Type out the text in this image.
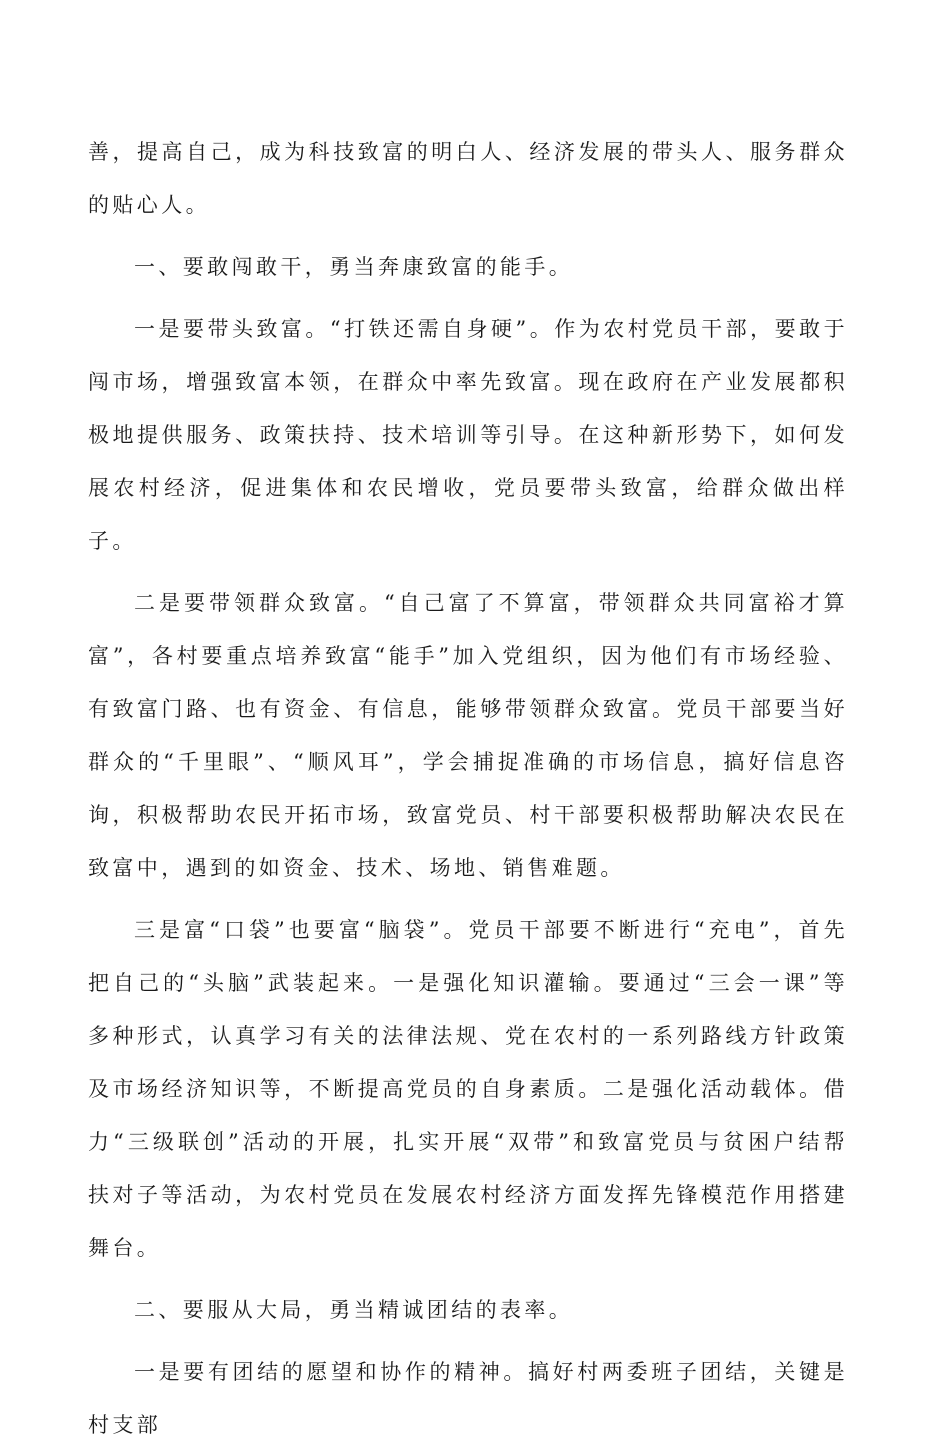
善，提高自己，成为科技致富的明白人、经济发展的带头人、服务群众的贴心人。

一、要敢闯敢干，勇当奔康致富的能手。

一是要带头致富。“打铁还需自身硬”。作为农村党员干部，要敢于闯市场，增强致富本领，在群众中率先致富。现在政府在产业发展都积极地提供服务、政策扶持、技术培训等引导。在这种新形势下，如何发展农村经济，促进集体和农民增收，党员要带头致富，给群众做出样子。

二是要带领群众致富。“自己富了不算富，带领群众共同富裕才算富”，各村要重点培养致富“能手”加入党组织，因为他们有市场经验、有致富门路、也有资金、有信息，能够带领群众致富。党员干部要当好群众的“千里眼”、“顺风耳”，学会捕捉准确的市场信息，搞好信息咨询，积极帮助农民开拓市场，致富党员、村干部要积极帮助解决农民在致富中，遇到的如资金、技术、场地、销售难题。

三是富“口袋”也要富“脑袋”。党员干部要不断进行“充电”，首先把自己的“头脑”武装起来。一是强化知识灌输。要通过“三会一课”等多种形式，认真学习有关的法律法规、党在农村的一系列路线方针政策及市场经济知识等，不断提高党员的自身素质。二是强化活动载体。借力“三级联创”活动的开展，扎实开展“双带”和致富党员与贫困户结帮扶对子等活动，为农村党员在发展农村经济方面发挥先锋模范作用搭建舞台。

二、要服从大局，勇当精诚团结的表率。

一是要有团结的愿望和协作的精神。搞好村两委班子团结，关键是村支部
